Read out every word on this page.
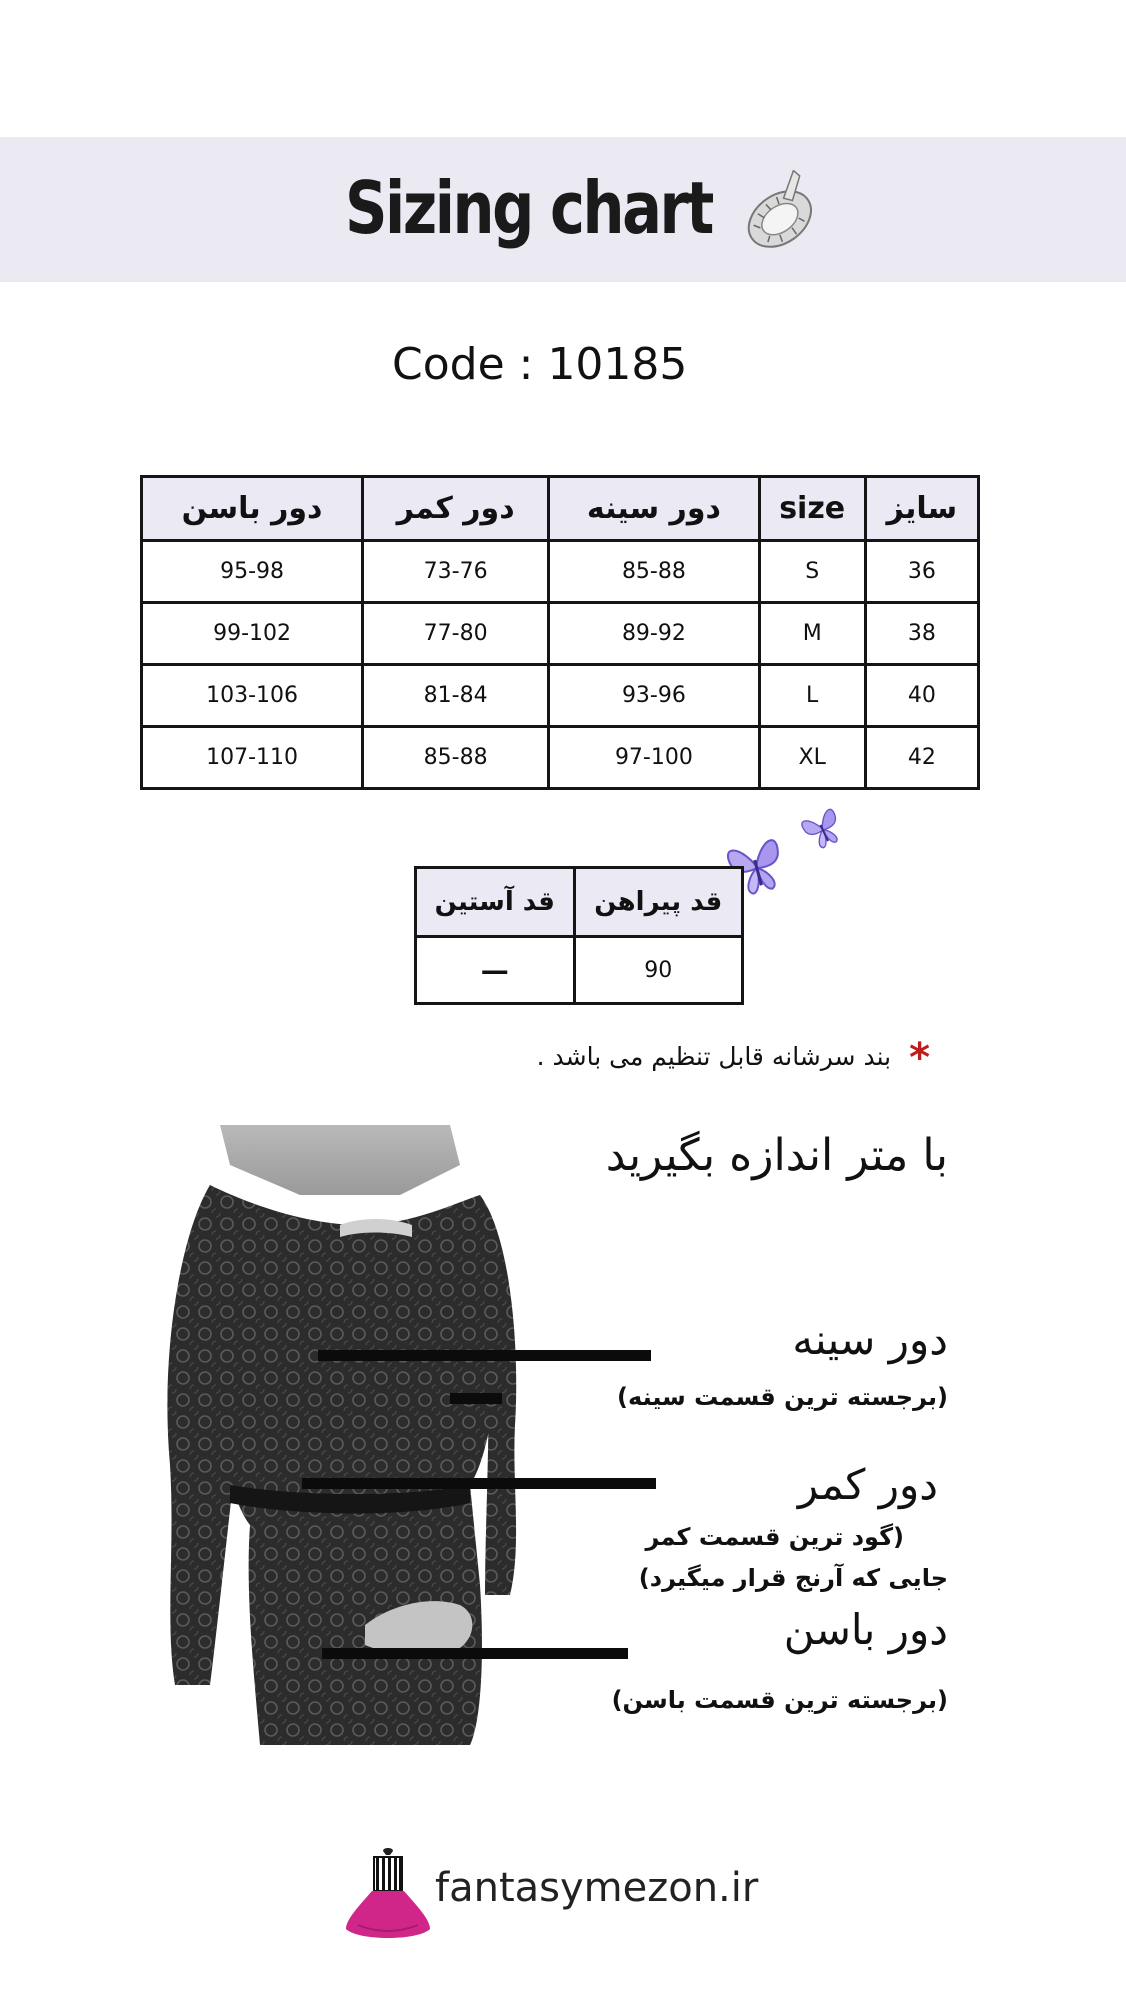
Sizing chart
Code : 10185
سایز	size	دور سینه	دور کمر	دور باسن
36	S	85-88	73-76	95-98
38	M	89-92	77-80	99-102
40	L	93-96	81-84	103-106
42	XL	97-100	85-88	107-110
قد پیراهن	قد آستین
90	—
*بند سرشانه قابل تنظیم می باشد .
با متر اندازه بگیرید
دور سینه
(برجسته ترین قسمت سینه)
دور کمر
(گود ترین قسمت کمر
جایی که آرنج قرار میگیرد)
دور باسن
(برجسته ترین قسمت باسن)
fantasymezon.ir
